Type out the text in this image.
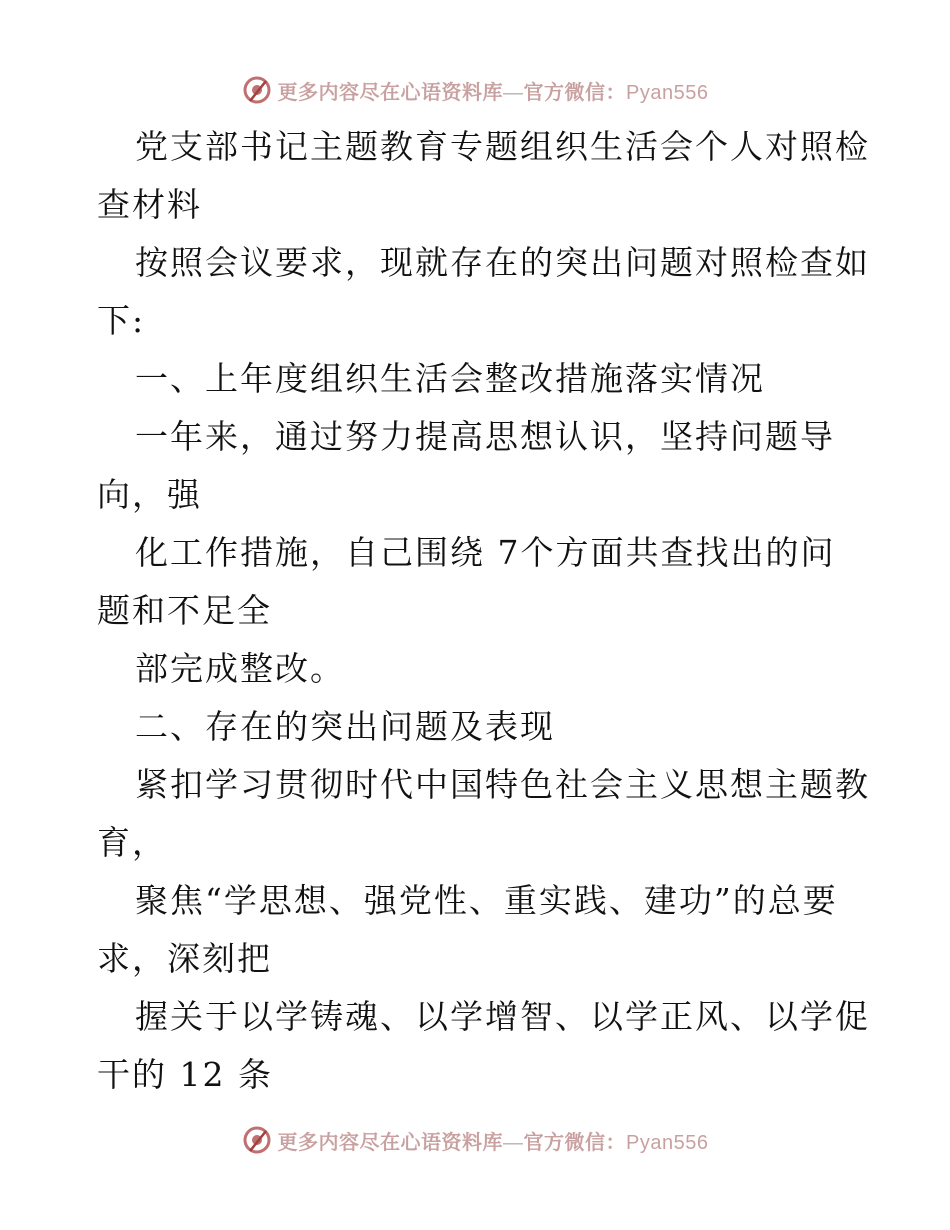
更多内容尽在心语资料库—官方微信：Pyan556
党支部书记主题教育专题组织生活会个人对照检
查材料
按照会议要求，现就存在的突出问题对照检查如
下:
一、上年度组织生活会整改措施落实情况
一年来，通过努力提高思想认识，坚持问题导
向，强
化工作措施，自己围绕 7个方面共查找出的问
题和不足全
部完成整改。
二、存在的突出问题及表现
紧扣学习贯彻时代中国特色社会主义思想主题教
育，
聚焦“学思想、强党性、重实践、建功”的总要
求，深刻把
握关于以学铸魂、以学增智、以学正风、以学促
干的 12 条
更多内容尽在心语资料库—官方微信：Pyan556
